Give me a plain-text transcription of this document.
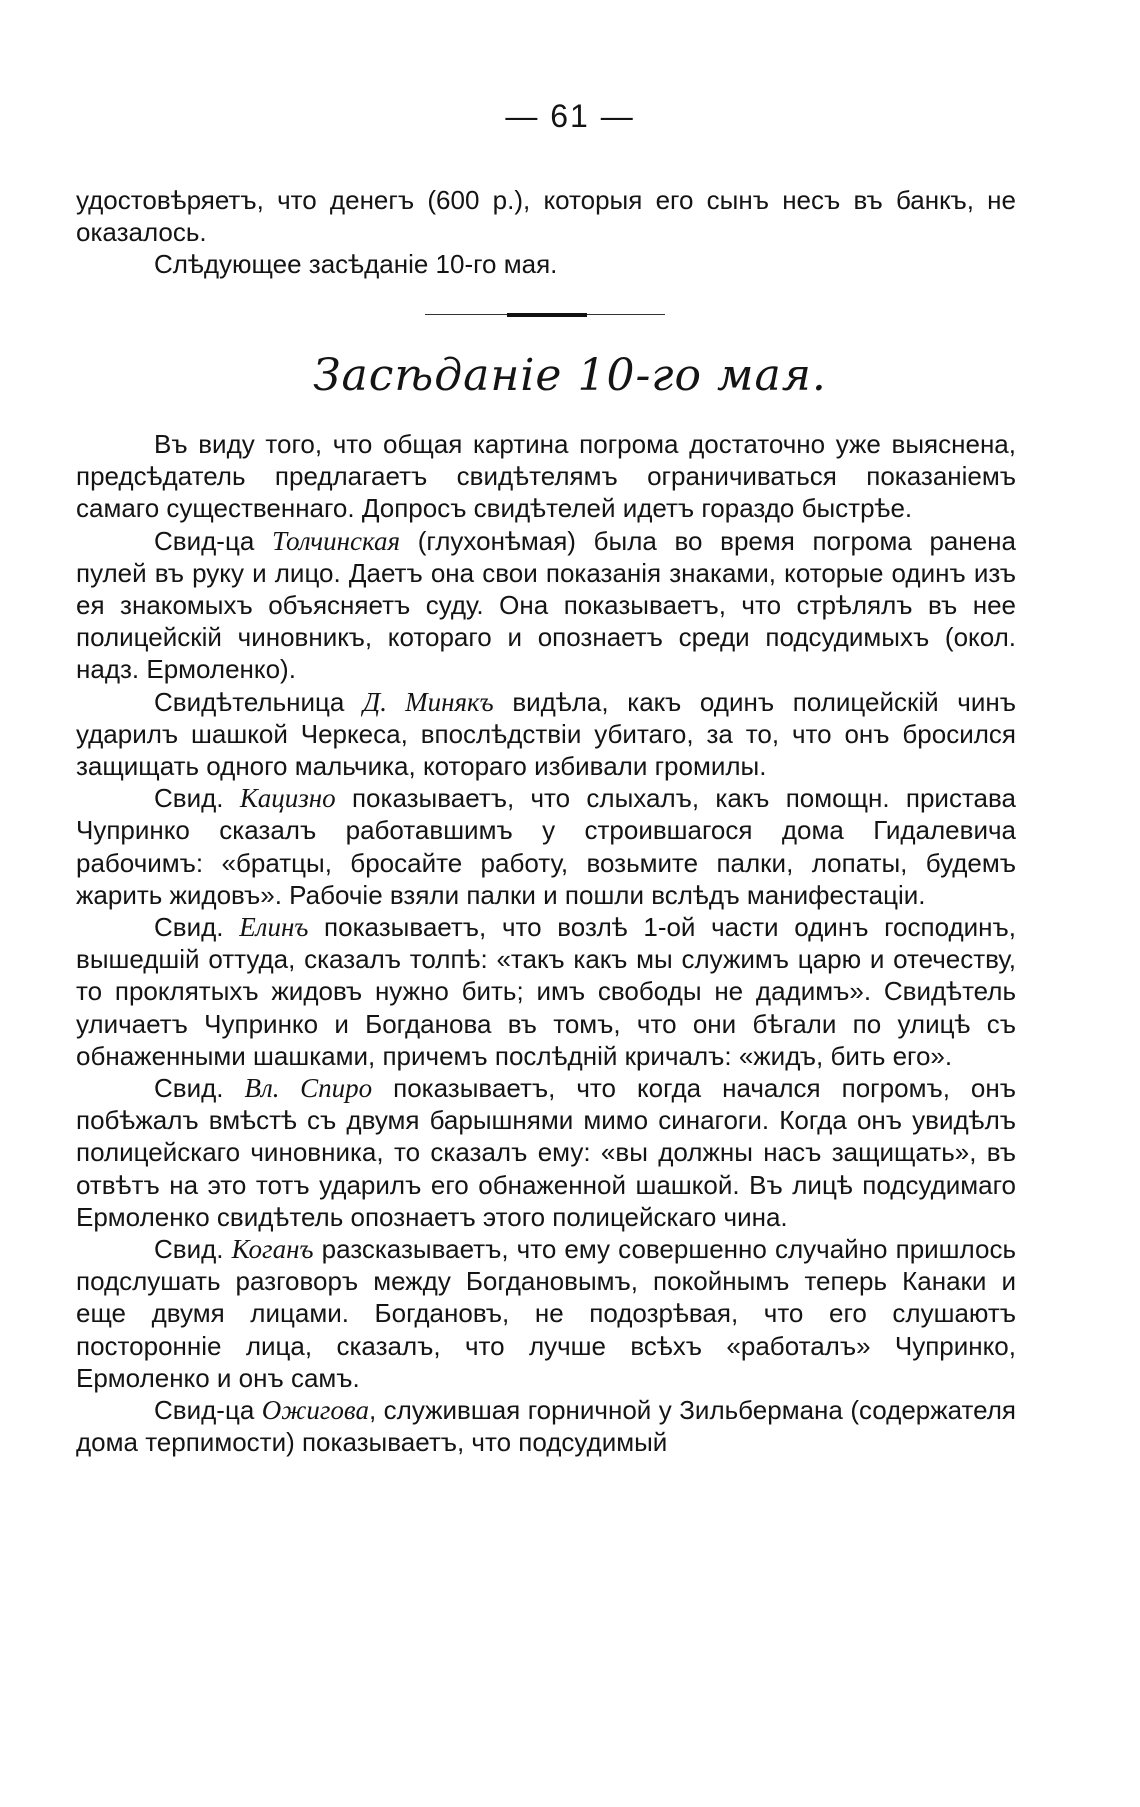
— 61 —

удостовѣряетъ, что денегъ (600 р.), которыя его сынъ несъ въ банкъ, не оказалось.

Слѣдующее засѣданіе 10-го мая.

Засѣданіе 10-го мая.

Въ виду того, что общая картина погрома достаточно уже выяснена, предсѣдатель предлагаетъ свидѣтелямъ ограничиваться показаніемъ самаго существеннаго. Допросъ свидѣтелей идетъ гораздо быстрѣе.

Свид-ца Толчинская (глухонѣмая) была во время погрома ранена пулей въ руку и лицо. Даетъ она свои показанія знаками, которые одинъ изъ ея знакомыхъ объясняетъ суду. Она показываетъ, что стрѣлялъ въ нее полицейскій чиновникъ, котораго и опознаетъ среди подсудимыхъ (окол. надз. Ермоленко).

Свидѣтельница Д. Минякъ видѣла, какъ одинъ полицейскій чинъ ударилъ шашкой Черкеса, впослѣдствіи убитаго, за то, что онъ бросился защищать одного мальчика, котораго избивали громилы.

Свид. Кацизно показываетъ, что слыхалъ, какъ помощн. пристава Чупринко сказалъ работавшимъ у строившагося дома Гидалевича рабочимъ: «братцы, бросайте работу, возьмите палки, лопаты, будемъ жарить жидовъ». Рабочіе взяли палки и пошли вслѣдъ манифестаціи.

Свид. Елинъ показываетъ, что возлѣ 1-ой части одинъ господинъ, вышедшій оттуда, сказалъ толпѣ: «такъ какъ мы служимъ царю и отечеству, то проклятыхъ жидовъ нужно бить; имъ свободы не дадимъ». Свидѣтель уличаетъ Чупринко и Богданова въ томъ, что они бѣгали по улицѣ съ обнаженными шашками, причемъ послѣдній кричалъ: «жидъ, бить его».

Свид. Вл. Спиро показываетъ, что когда начался погромъ, онъ побѣжалъ вмѣстѣ съ двумя барышнями мимо синагоги. Когда онъ увидѣлъ полицейскаго чиновника, то сказалъ ему: «вы должны насъ защищать», въ отвѣтъ на это тотъ ударилъ его обнаженной шашкой. Въ лицѣ подсудимаго Ермоленко свидѣтель опознаетъ этого полицейскаго чина.

Свид. Коганъ разсказываетъ, что ему совершенно случайно пришлось подслушать разговоръ между Богдановымъ, покойнымъ теперь Канаки и еще двумя лицами. Богдановъ, не подозрѣвая, что его слушаютъ посторонніе лица, сказалъ, что лучше всѣхъ «работалъ» Чупринко, Ермоленко и онъ самъ.

Свид-ца Ожигова, служившая горничной у Зильбермана (содержателя дома терпимости) показываетъ, что подсудимый
